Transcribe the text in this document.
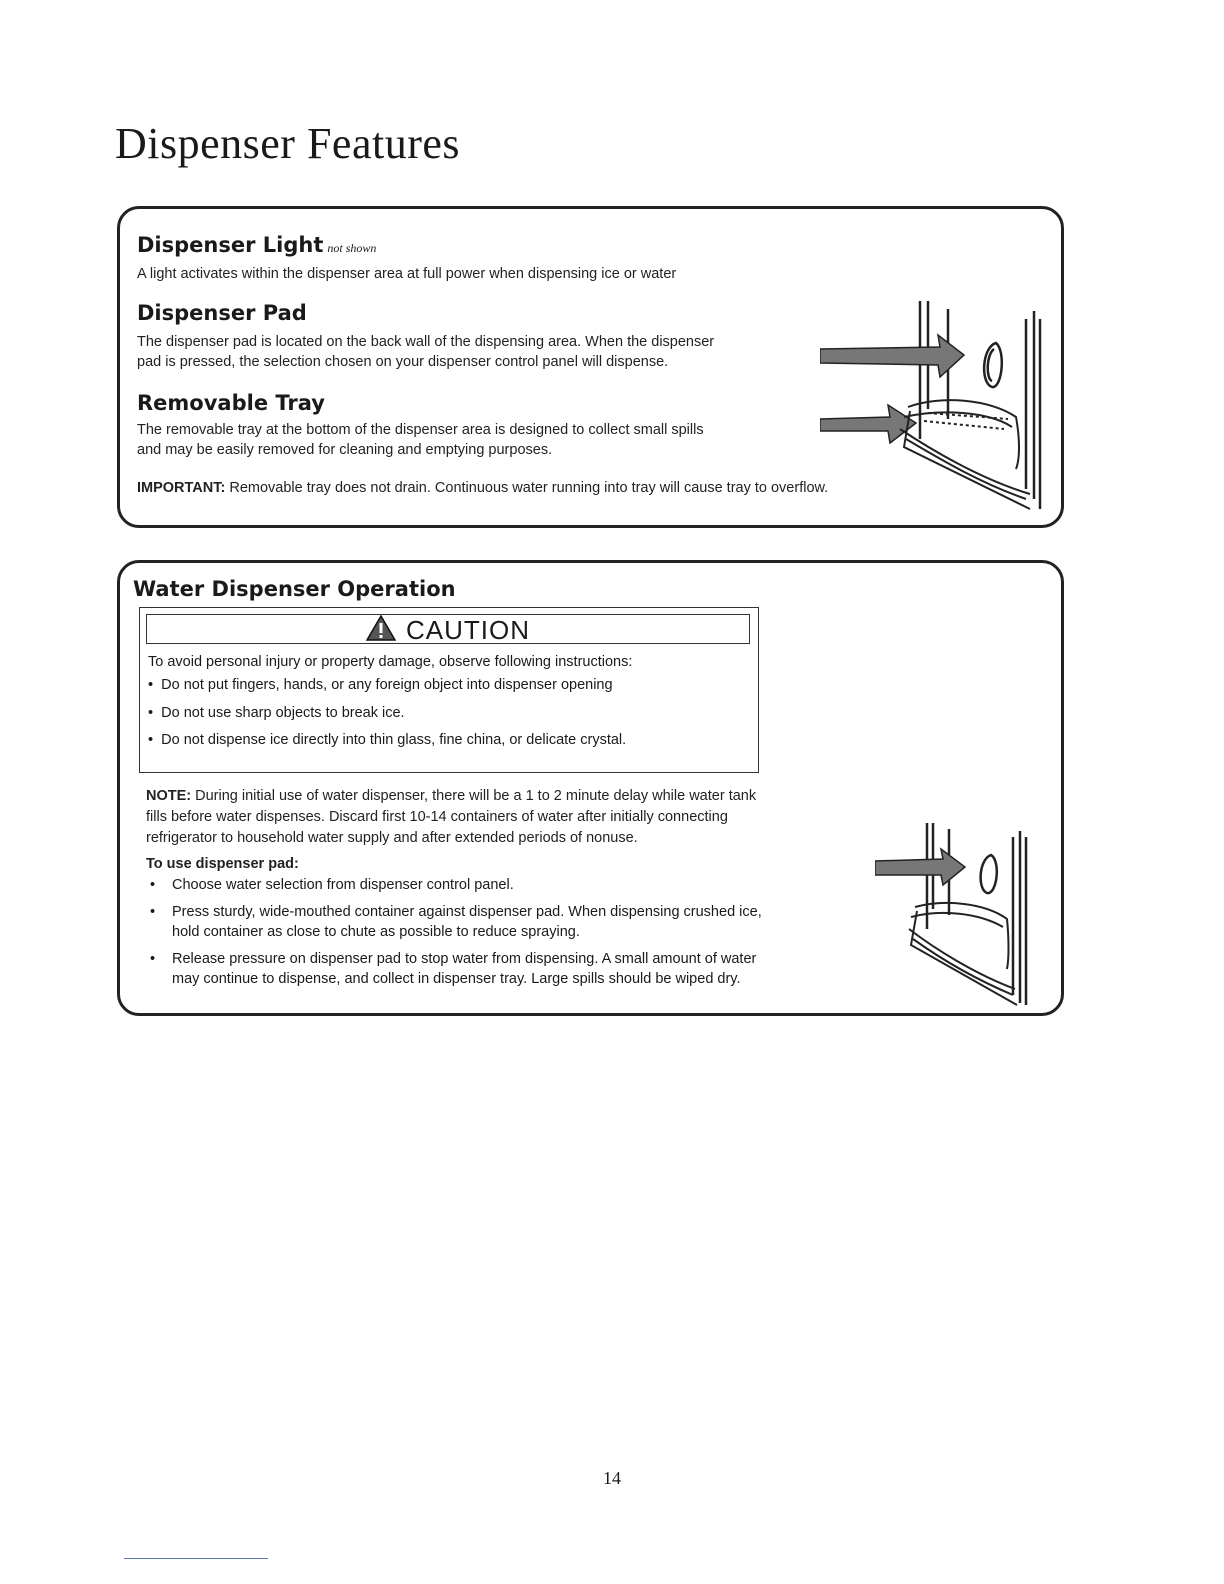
Dispenser Features
Dispenser Light not shown

A light activates within the dispenser area at full power when dispensing ice or water

Dispenser Pad

The dispenser pad is located on the back wall of the dispensing area. When the dispenser

pad is pressed, the selection chosen on your dispenser control panel will dispense.

Removable Tray

The removable tray at the bottom of the dispenser area is designed to collect small spills

and may be easily removed for cleaning and emptying purposes.

IMPORTANT: Removable tray does not drain. Continuous water running into tray will cause tray to overflow.

Water Dispenser Operation
CAUTION

To avoid personal injury or property damage, observe following instructions:

•  Do not put fingers, hands, or any foreign object into dispenser opening

•  Do not use sharp objects to break ice.

•  Do not dispense ice directly into thin glass, fine china, or delicate crystal.

NOTE: During initial use of water dispenser, there will be a 1 to 2 minute delay while water tank

fills before water dispenses. Discard first 10-14 containers of water after initially connecting

refrigerator to household water supply and after extended periods of nonuse.

To use dispenser pad:

• Choose water selection from dispenser control panel.
• Press sturdy, wide-mouthed container against dispenser pad. When dispensing crushed ice,
hold container as close to chute as possible to reduce spraying.
• Release pressure on dispenser pad to stop water from dispensing. A small amount of water
may continue to dispense, and collect in dispenser tray. Large spills should be wiped dry.

14
